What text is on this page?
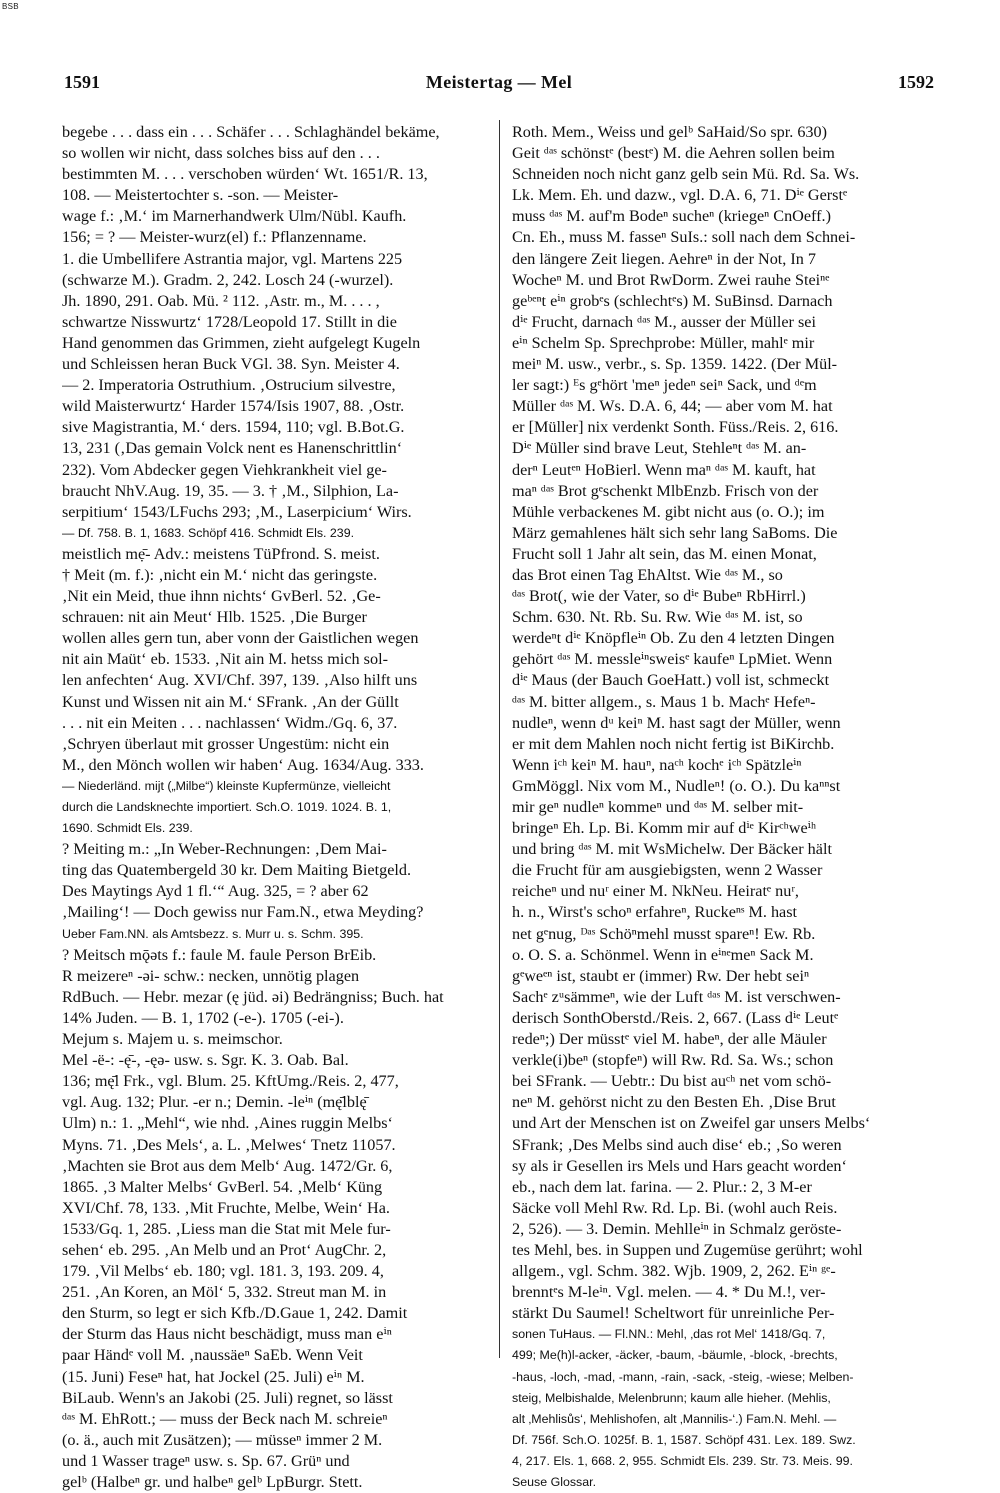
BSB
1591	Meistertag — Mel	1592
begebe . . . dass ein . . . Schäfer . . . Schlaghändel bekäme,
so wollen wir nicht, dass solches biss auf den . . .
bestimmten M. . . . verschoben würden‘ Wt. 1651/R. 13,
108. — Meistertochter s. -son. — Meister-
wage f.: ‚M.‘ im Marnerhandwerk Ulm/Nübl. Kaufh.
156; = ? — Meister-wurz(el) f.: Pflanzenname.
1. die Umbellifere Astrantia major, vgl. Martens 225
(schwarze M.). Gradm. 2, 242. Losch 24 (-wurzel).
Jh. 1890, 291. Oab. Mü. ² 112. ‚Astr. m., M. . . . ,
schwartze Nisswurtz‘ 1728/Leopold 17. Stillt in die
Hand genommen das Grimmen, zieht aufgelegt Kugeln
und Schleissen heran Buck VGl. 38. Syn. Meister 4.
— 2. Imperatoria Ostruthium. ‚Ostrucium silvestre,
wild Maisterwurtz‘ Harder 1574/Isis 1907, 88. ‚Ostr.
sive Magistrantia, M.‘ ders. 1594, 110; vgl. B.Bot.G.
13, 231 (‚Das gemain Volck nent es Hanenschrittlin‘
232). Vom Abdecker gegen Viehkrankheit viel ge-
braucht NhV.Aug. 19, 35. — 3. † ‚M., Silphion, La-
serpitium‘ 1543/LFuchs 293; ‚M., Laserpicium‘ Wirs.
— Df. 758. B. 1, 1683. Schöpf 416. Schmidt Els. 239.
meistlich mẹ̄- Adv.: meistens TüPfrond. S. meist.
† Meit (m. f.): ‚nicht ein M.‘ nicht das geringste.
‚Nit ein Meid, thue ihnn nichts‘ GvBerl. 52. ‚Ge-
schrauen: nit ain Meut‘ Hlb. 1525. ‚Die Burger
wollen alles gern tun, aber vonn der Gaistlichen wegen
nit ain Maüt‘ eb. 1533. ‚Nit ain M. hetss mich sol-
len anfechten‘ Aug. XVI/Chf. 397, 139. ‚Also hilft uns
Kunst und Wissen nit ain M.‘ SFrank. ‚An der Güllt
. . . nit ein Meiten . . . nachlassen‘ Widm./Gq. 6, 37.
‚Schryen überlaut mit grosser Ungestüm: nicht ein
M., den Mönch wollen wir haben‘ Aug. 1634/Aug. 333.
— Niederländ. mijt („Milbe“) kleinste Kupfermünze, vielleicht
durch die Landsknechte importiert. Sch.O. 1019. 1024. B. 1,
1690. Schmidt Els. 239.
? Meiting m.: „In Weber-Rechnungen: ‚Dem Mai-
ting das Quatembergeld 30 kr. Dem Maiting Bietgeld.
Des Maytings Ayd 1 fl.‘“ Aug. 325, = ? aber 62
‚Mailing‘! — Doch gewiss nur Fam.N., etwa Meyding?
Ueber Fam.NN. als Amtsbezz. s. Murr u. s. Schm. 395.
? Meitsch mǭəts f.: faule M. faule Person BrEib.
R meizereⁿ -əi- schw.: necken, unnötig plagen
RdBuch. — Hebr. mezar (ę jüd. əi) Bedrängniss; Buch. hat
14% Juden. — B. 1, 1702 (-e-). 1705 (-ei-).
Mejum s. Majem u. s. meimschor.
Mel -ë-: -ę̄-, -ęə- usw. s. Sgr. K. 3. Oab. Bal.
136; mę̄l Frk., vgl. Blum. 25. KftUmg./Reis. 2, 477,
vgl. Aug. 132; Plur. -er n.; Demin. -leⁱⁿ (mę̄lblę̄
Ulm) n.: 1. „Mehl“, wie nhd. ‚Aines ruggin Melbs‘
Myns. 71. ‚Des Mels‘, a. L. ‚Melwes‘ Tnetz 11057.
‚Machten sie Brot aus dem Melb‘ Aug. 1472/Gr. 6,
1865. ‚3 Malter Melbs‘ GvBerl. 54. ‚Melb‘ Küng
XVI/Chf. 78, 133. ‚Mit Fruchte, Melbe, Wein‘ Ha.
1533/Gq. 1, 285. ‚Liess man die Stat mit Mele fur-
sehen‘ eb. 295. ‚An Melb und an Prot‘ AugChr. 2,
179. ‚Vil Melbs‘ eb. 180; vgl. 181. 3, 193. 209. 4,
251. ‚An Koren, an Möl‘ 5, 332. Streut man M. in
den Sturm, so legt er sich Kfb./D.Gaue 1, 242. Damit
der Sturm das Haus nicht beschädigt, muss man eⁱⁿ
paar Händᵉ voll M. ‚naussäeⁿ SaEb. Wenn Veit
(15. Juni) Feseⁿ hat, hat Jockel (25. Juli) eⁱⁿ M.
BiLaub. Wenn's an Jakobi (25. Juli) regnet, so lässt
ᵈᵃˢ M. EhRott.; — muss der Beck nach M. schreieⁿ
(o. ä., auch mit Zusätzen); — müsseⁿ immer 2 M.
und 1 Wasser trageⁿ usw. s. Sp. 67. Grüⁿ und
gelᵇ (Halbeⁿ gr. und halbeⁿ gelᵇ LpBurgr. Stett.
Roth. Mem., Weiss und gelᵇ SaHaid/So spr. 630)
Geit ᵈᵃˢ schönstᵉ (bestᵉ) M. die Aehren sollen beim
Schneiden noch nicht ganz gelb sein Mü. Rd. Sa. Ws.
Lk. Mem. Eh. und dazw., vgl. D.A. 6, 71. Dⁱᵉ Gerstᵉ
muss ᵈᵃˢ M. auf'm Bodeⁿ sucheⁿ (kriegeⁿ CnOeff.)
Cn. Eh., muss M. fasseⁿ SuIs.: soll nach dem Schnei-
den längere Zeit liegen. Aehreⁿ in der Not, In 7
Wocheⁿ M. und Brot RwDorm. Zwei rauhe Steiⁿᵉ
geᵇᵉⁿt eⁱⁿ grobᵉs (schlechtᵉs) M. SuBinsd. Darnach
dⁱᵉ Frucht, darnach ᵈᵃˢ M., ausser der Müller sei
eⁱⁿ Schelm Sp. Sprechprobe: Müller, mahlᵉ mir
meiⁿ M. usw., verbr., s. Sp. 1359. 1422. (Der Mül-
ler sagt:) ᴱs gᵉhört 'meⁿ jedeⁿ seiⁿ Sack, und ᵈᵉm
Müller ᵈᵃˢ M. Ws. D.A. 6, 44; — aber vom M. hat
er [Müller] nix verdenkt Sonth. Füss./Reis. 2, 616.
Dⁱᵉ Müller sind brave Leut, Stehleⁿt ᵈᵃˢ M. an-
derⁿ Leutᵉⁿ HoBierl. Wenn maⁿ ᵈᵃˢ M. kauft, hat
maⁿ ᵈᵃˢ Brot gᵉschenkt MlbEnzb. Frisch von der
Mühle verbackenes M. gibt nicht aus (o. O.); im
März gemahlenes hält sich sehr lang SaBoms. Die
Frucht soll 1 Jahr alt sein, das M. einen Monat,
das Brot einen Tag EhAltst. Wie ᵈᵃˢ M., so
ᵈᵃˢ Brot(, wie der Vater, so dⁱᵉ Bubeⁿ RbHirrl.)
Schm. 630. Nt. Rb. Su. Rw. Wie ᵈᵃˢ M. ist, so
werdeⁿt dⁱᵉ Knöpfleⁱⁿ Ob. Zu den 4 letzten Dingen
gehört ᵈᵃˢ M. messleⁱⁿsweisᵉ kaufeⁿ LpMiet. Wenn
dⁱᵉ Maus (der Bauch GoeHatt.) voll ist, schmeckt
ᵈᵃˢ M. bitter allgem., s. Maus 1 b. Machᵉ Hefeⁿ-
nudleⁿ, wenn dᵘ keiⁿ M. hast sagt der Müller, wenn
er mit dem Mahlen noch nicht fertig ist BiKirchb.
Wenn iᶜʰ keiⁿ M. hauⁿ, naᶜʰ kochᵉ iᶜʰ Spätzleⁱⁿ
GmMöggl. Nix vom M., Nudleⁿ! (o. O.). Du kaⁿⁿst
mir geⁿ nudleⁿ kommeⁿ und ᵈᵃˢ M. selber mit-
bringeⁿ Eh. Lp. Bi. Komm mir auf dⁱᵉ Kirᶜʰweⁱʰ
und bring ᵈᵃˢ M. mit WsMichelw. Der Bäcker hält
die Frucht für am ausgiebigsten, wenn 2 Wasser
reicheⁿ und nuʳ einer M. NkNeu. Heiratᵉ nuʳ,
h. n., Wirst's schoⁿ erfahreⁿ, Ruckeⁿˢ M. hast
net gᵉnug, ᴰᵃˢ Schöⁿmehl musst spareⁿ! Ew. Rb.
o. O. S. a. Schönmel. Wenn in eⁱⁿᵉmeⁿ Sack M.
gᵉweᵉⁿ ist, staubt er (immer) Rw. Der hebt seiⁿ
Sachᵉ zᵘsämmeⁿ, wie der Luft ᵈᵃˢ M. ist verschwen-
derisch SonthOberstd./Reis. 2, 667. (Lass dⁱᵉ Leutᵉ
redeⁿ;) Der müsstᵉ viel M. habeⁿ, der alle Mäuler
verkle(i)beⁿ (stopfeⁿ) will Rw. Rd. Sa. Ws.; schon
bei SFrank. — Uebtr.: Du bist auᶜʰ net vom schö-
neⁿ M. gehörst nicht zu den Besten Eh. ‚Dise Brut
und Art der Menschen ist on Zweifel gar unsers Melbs‘
SFrank; ‚Des Melbs sind auch dise‘ eb.; ‚So weren
sy als ir Gesellen irs Mels und Hars geacht worden‘
eb., nach dem lat. farina. — 2. Plur.: 2, 3 M-er
Säcke voll Mehl Rw. Rd. Lp. Bi. (wohl auch Reis.
2, 526). — 3. Demin. Mehlleⁱⁿ in Schmalz geröste-
tes Mehl, bes. in Suppen und Zugemüse gerührt; wohl
allgem., vgl. Schm. 382. Wjb. 1909, 2, 262. Eⁱⁿ ᵍᵉ-
brenntᵉs M-leⁱⁿ. Vgl. melen. — 4. * Du M.!, ver-
stärkt Du Saumel! Scheltwort für unreinliche Per-
sonen TuHaus. — Fl.NN.: Mehl, ‚das rot Mel‘ 1418/Gq. 7,
499; Me(h)l-acker, -äcker, -baum, -bäumle, -block, -brechts,
-haus, -loch, -mad, -mann, -rain, -sack, -steig, -wiese; Melben-
steig, Melbishalde, Melenbrunn; kaum alle hieher. (Mehlis,
alt ‚Mehlisůs‘, Mehlishofen, alt ‚Mannilis-‘.) Fam.N. Mehl. —
Df. 756f. Sch.O. 1025f. B. 1, 1587. Schöpf 431. Lex. 189. Swz.
4, 217. Els. 1, 668. 2, 955. Schmidt Els. 239. Str. 73. Meis. 99.
Seuse Glossar.
